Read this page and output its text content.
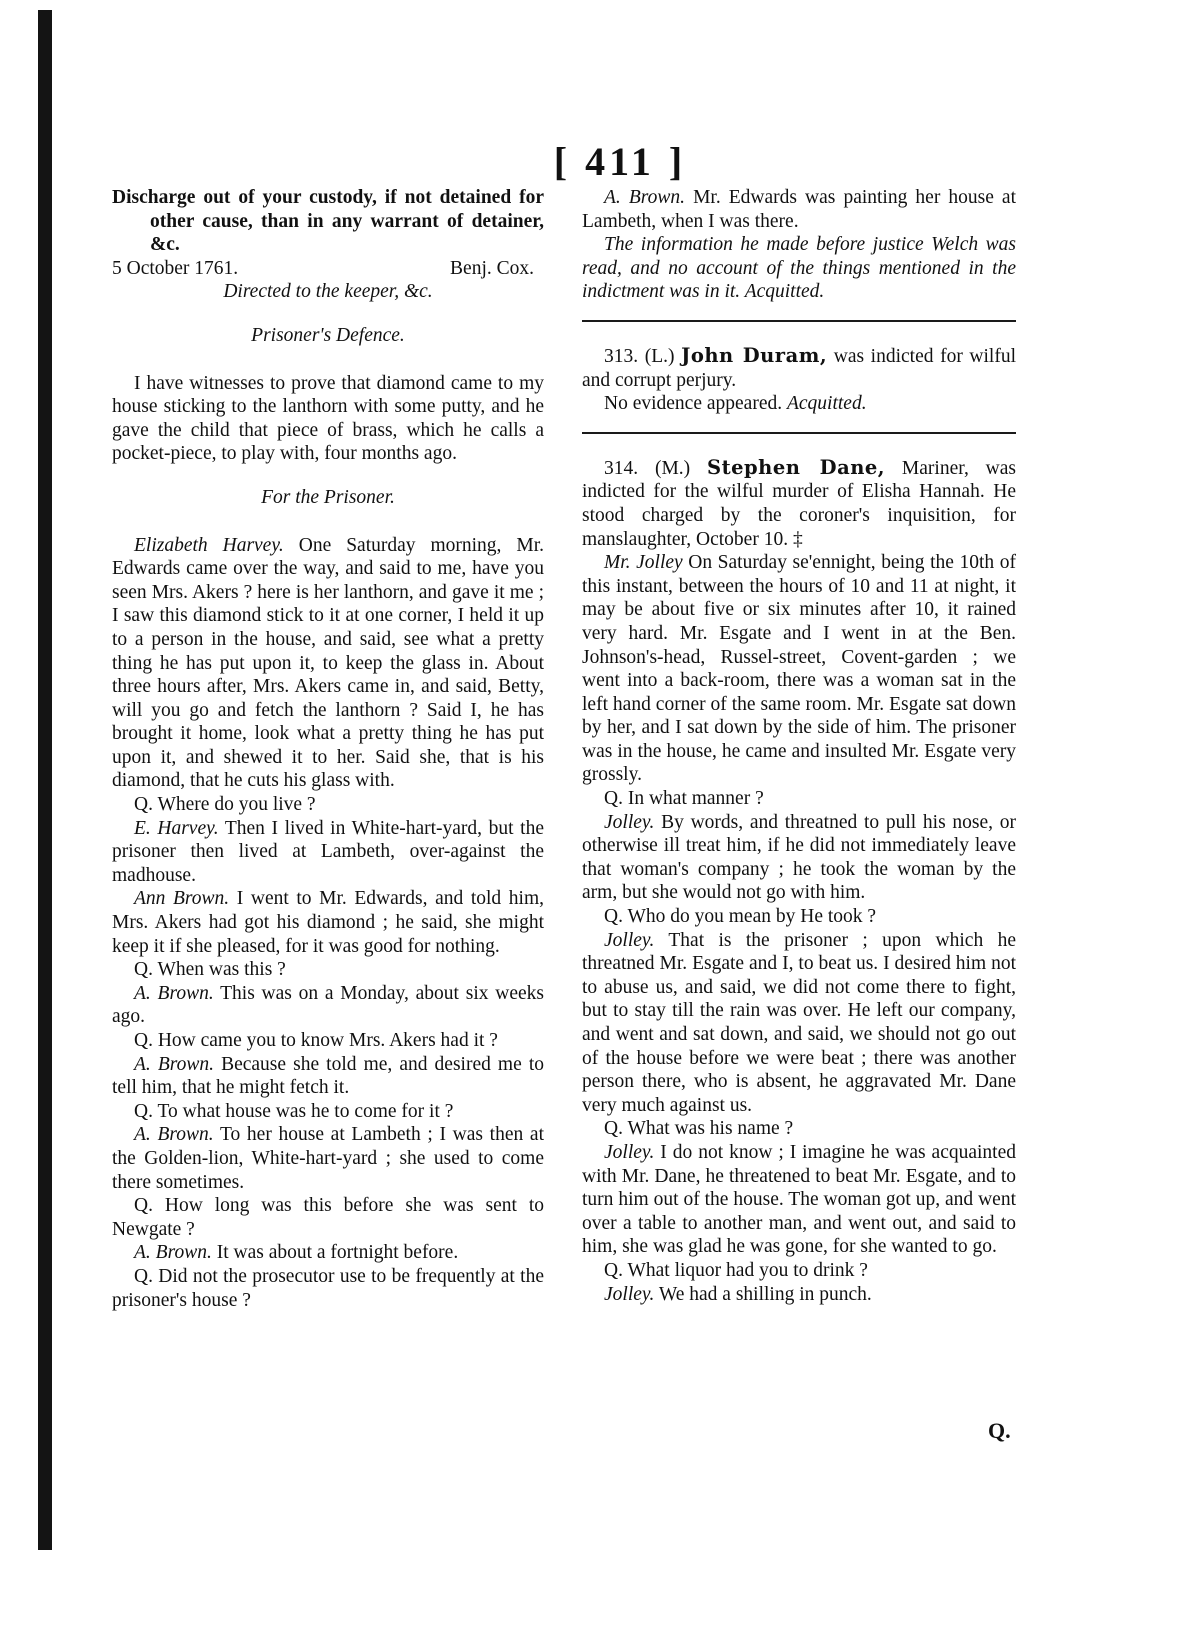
[ 411 ]

Discharge out of your custody, if not detained for other cause, than in any warrant of detainer, &c.

5 October 1761.	Benj. Cox.

Directed to the keeper, &c.

Prisoner's Defence.

I have witnesses to prove that diamond came to my house sticking to the lanthorn with some putty, and he gave the child that piece of brass, which he calls a pocket-piece, to play with, four months ago.

For the Prisoner.

Elizabeth Harvey. One Saturday morning, Mr. Edwards came over the way, and said to me, have you seen Mrs. Akers ? here is her lanthorn, and gave it me ; I saw this diamond stick to it at one corner, I held it up to a person in the house, and said, see what a pretty thing he has put upon it, to keep the glass in. About three hours after, Mrs. Akers came in, and said, Betty, will you go and fetch the lanthorn ? Said I, he has brought it home, look what a pretty thing he has put upon it, and shewed it to her. Said she, that is his diamond, that he cuts his glass with.

Q. Where do you live ?

E. Harvey. Then I lived in White-hart-yard, but the prisoner then lived at Lambeth, over-against the madhouse.

Ann Brown. I went to Mr. Edwards, and told him, Mrs. Akers had got his diamond ; he said, she might keep it if she pleased, for it was good for nothing.

Q. When was this ?

A. Brown. This was on a Monday, about six weeks ago.

Q. How came you to know Mrs. Akers had it ?

A. Brown. Because she told me, and desired me to tell him, that he might fetch it.

Q. To what house was he to come for it ?

A. Brown. To her house at Lambeth ; I was then at the Golden-lion, White-hart-yard ; she used to come there sometimes.

Q. How long was this before she was sent to Newgate ?

A. Brown. It was about a fortnight before.

Q. Did not the prosecutor use to be frequently at the prisoner's house ?

A. Brown. Mr. Edwards was painting her house at Lambeth, when I was there.

The information he made before justice Welch was read, and no account of the things mentioned in the indictment was in it. Acquitted.

313. (L.) John Duram, was indicted for wilful and corrupt perjury.

No evidence appeared. Acquitted.

314. (M.) Stephen Dane, Mariner, was indicted for the wilful murder of Elisha Hannah. He stood charged by the coroner's inquisition, for manslaughter, October 10. ‡

Mr. Jolley On Saturday se'ennight, being the 10th of this instant, between the hours of 10 and 11 at night, it may be about five or six minutes after 10, it rained very hard. Mr. Esgate and I went in at the Ben. Johnson's-head, Russel-street, Covent-garden ; we went into a back-room, there was a woman sat in the left hand corner of the same room. Mr. Esgate sat down by her, and I sat down by the side of him. The prisoner was in the house, he came and insulted Mr. Esgate very grossly.

Q. In what manner ?

Jolley. By words, and threatned to pull his nose, or otherwise ill treat him, if he did not immediately leave that woman's company ; he took the woman by the arm, but she would not go with him.

Q. Who do you mean by He took ?

Jolley. That is the prisoner ; upon which he threatned Mr. Esgate and I, to beat us. I desired him not to abuse us, and said, we did not come there to fight, but to stay till the rain was over. He left our company, and went and sat down, and said, we should not go out of the house before we were beat ; there was another person there, who is absent, he aggravated Mr. Dane very much against us.

Q. What was his name ?

Jolley. I do not know ; I imagine he was acquainted with Mr. Dane, he threatened to beat Mr. Esgate, and to turn him out of the house. The woman got up, and went over a table to another man, and went out, and said to him, she was glad he was gone, for she wanted to go.

Q. What liquor had you to drink ?

Jolley. We had a shilling in punch.

Q.
